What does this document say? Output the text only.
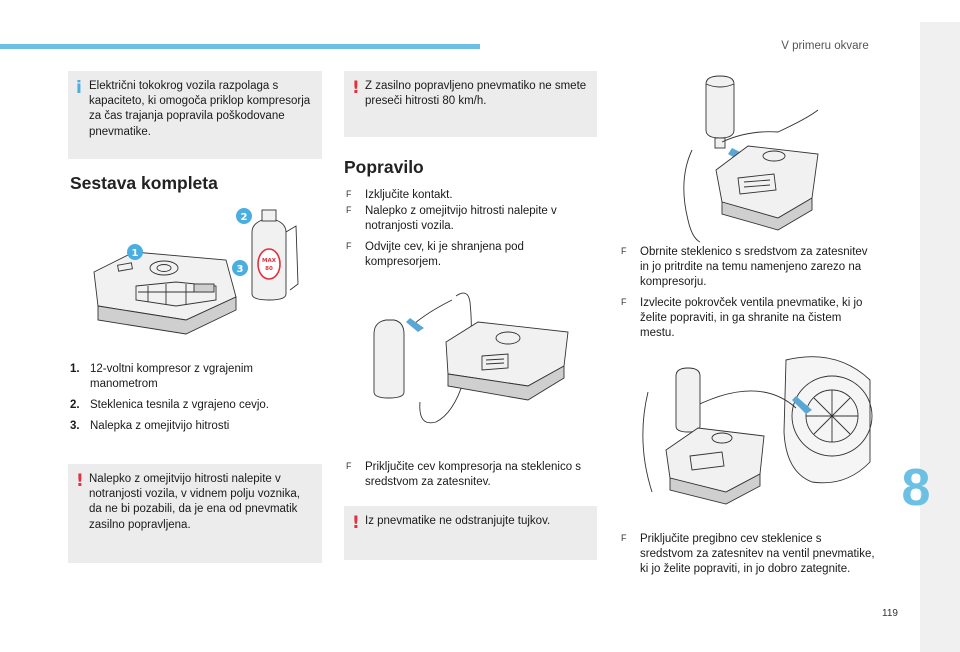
V primeru okvare
8
119
i Električni tokokrog vozila razpolaga s kapaciteto, ki omogoča priklop kompresorja za čas trajanja popravila poškodovane pnevmatike.
Sestava kompleta
MAX
80
1
2
3
1. 12-voltni kompresor z vgrajenim manometrom
2. Steklenica tesnila z vgrajeno cevjo.
3. Nalepka z omejitvijo hitrosti
! Nalepko z omejitvijo hitrosti nalepite v notranjosti vozila, v vidnem polju voznika, da ne bi pozabili, da je ena od pnevmatik zasilno popravljena.
! Z zasilno popravljeno pnevmatiko ne smete preseči hitrosti 80 km/h.
Popravilo
F Izključite kontakt.
F Nalepko z omejitvijo hitrosti nalepite v notranjosti vozila.
F Odvijte cev, ki je shranjena pod kompresorjem.
F Priključite cev kompresorja na steklenico s sredstvom za zatesnitev.
! Iz pnevmatike ne odstranjujte tujkov.
F Obrnite steklenico s sredstvom za zatesnitev in jo pritrdite na temu namenjeno zarezo na kompresorju.
F Izvlecite pokrovček ventila pnevmatike, ki jo želite popraviti, in ga shranite na čistem mestu.
F Priključite pregibno cev steklenice s sredstvom za zatesnitev na ventil pnevmatike, ki jo želite popraviti, in jo dobro zategnite.
